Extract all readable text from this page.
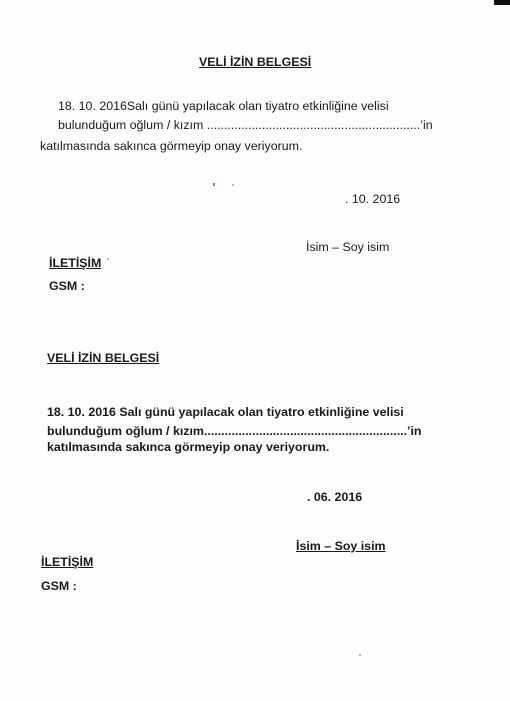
VELİ İZİN BELGESİ
18. 10. 2016Salı günü yapılacak olan tiyatro etkinliğine velisi
bulunduğum oğlum / kızım ..............................................................’in
katılmasında sakınca görmeyip onay veriyorum.
. 10. 2016
İsim – Soy isim
İLETİŞİM
GSM :
VELİ İZİN BELGESİ
18. 10. 2016 Salı günü yapılacak olan tiyatro etkinliğine velisi
bulunduğum oğlum / kızım...........................................................’in
katılmasında sakınca görmeyip onay veriyorum.
. 06. 2016
İsim – Soy isim
İLETİŞİM
GSM :
